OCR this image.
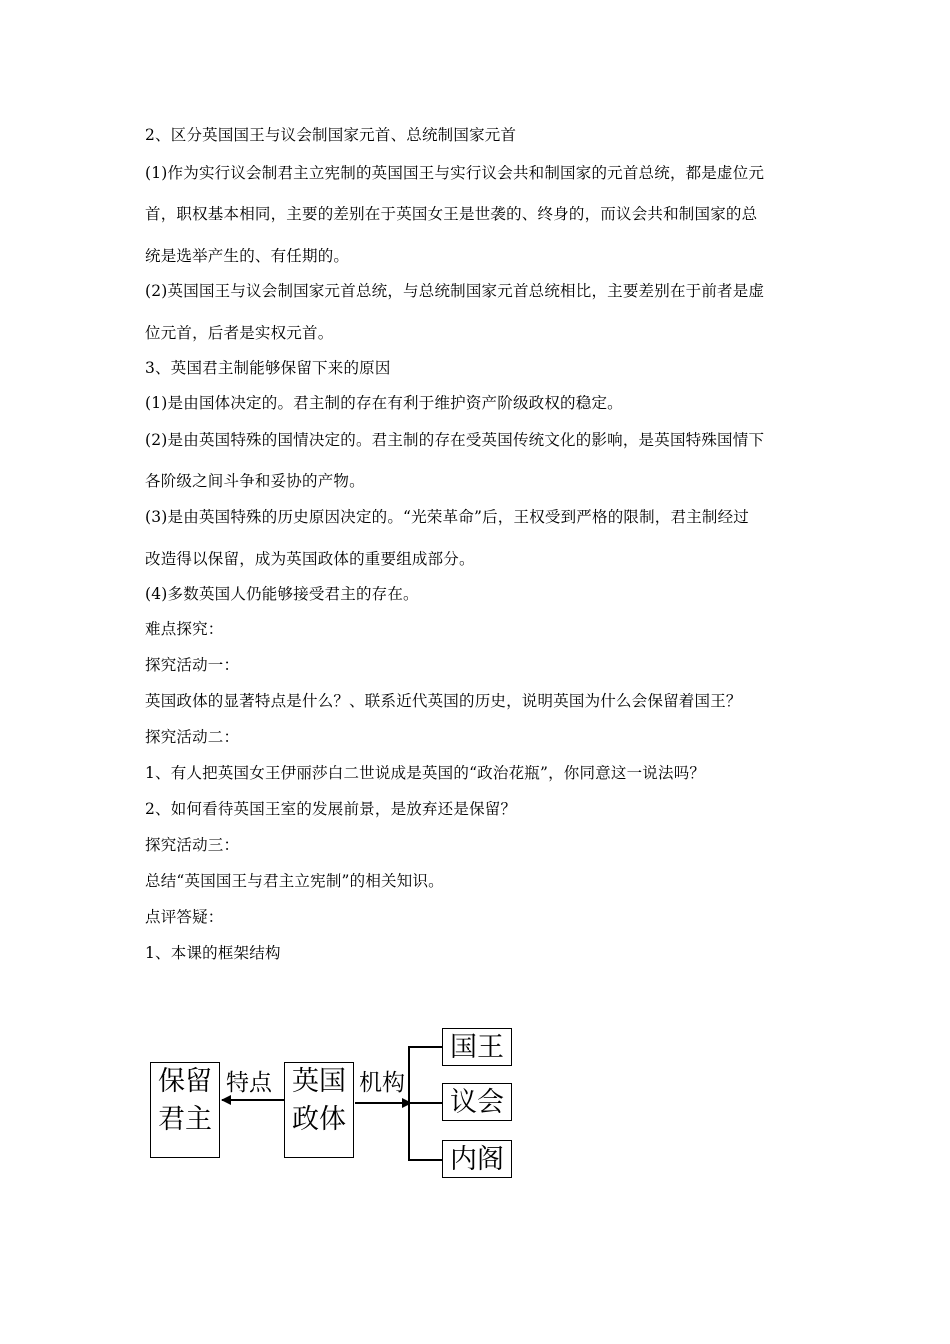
2、区分英国国王与议会制国家元首、总统制国家元首
(1)作为实行议会制君主立宪制的英国国王与实行议会共和制国家的元首总统，都是虚位元
首，职权基本相同，主要的差别在于英国女王是世袭的、终身的，而议会共和制国家的总
统是选举产生的、有任期的。
(2)英国国王与议会制国家元首总统，与总统制国家元首总统相比，主要差别在于前者是虚
位元首，后者是实权元首。
3、英国君主制能够保留下来的原因
(1)是由国体决定的。君主制的存在有利于维护资产阶级政权的稳定。
(2)是由英国特殊的国情决定的。君主制的存在受英国传统文化的影响，是英国特殊国情下
各阶级之间斗争和妥协的产物。
(3)是由英国特殊的历史原因决定的。“光荣革命”后，王权受到严格的限制，君主制经过
改造得以保留，成为英国政体的重要组成部分。
(4)多数英国人仍能够接受君主的存在。
难点探究：
探究活动一：
英国政体的显著特点是什么？、联系近代英国的历史，说明英国为什么会保留着国王？
探究活动二：
1、有人把英国女王伊丽莎白二世说成是英国的“政治花瓶”，你同意这一说法吗？
2、如何看待英国王室的发展前景，是放弃还是保留？
探究活动三：
总结“英国国王与君主立宪制”的相关知识。
点评答疑：
1、本课的框架结构
保留
君主
特点 英国
政体
机构
国王
议会
内阁
